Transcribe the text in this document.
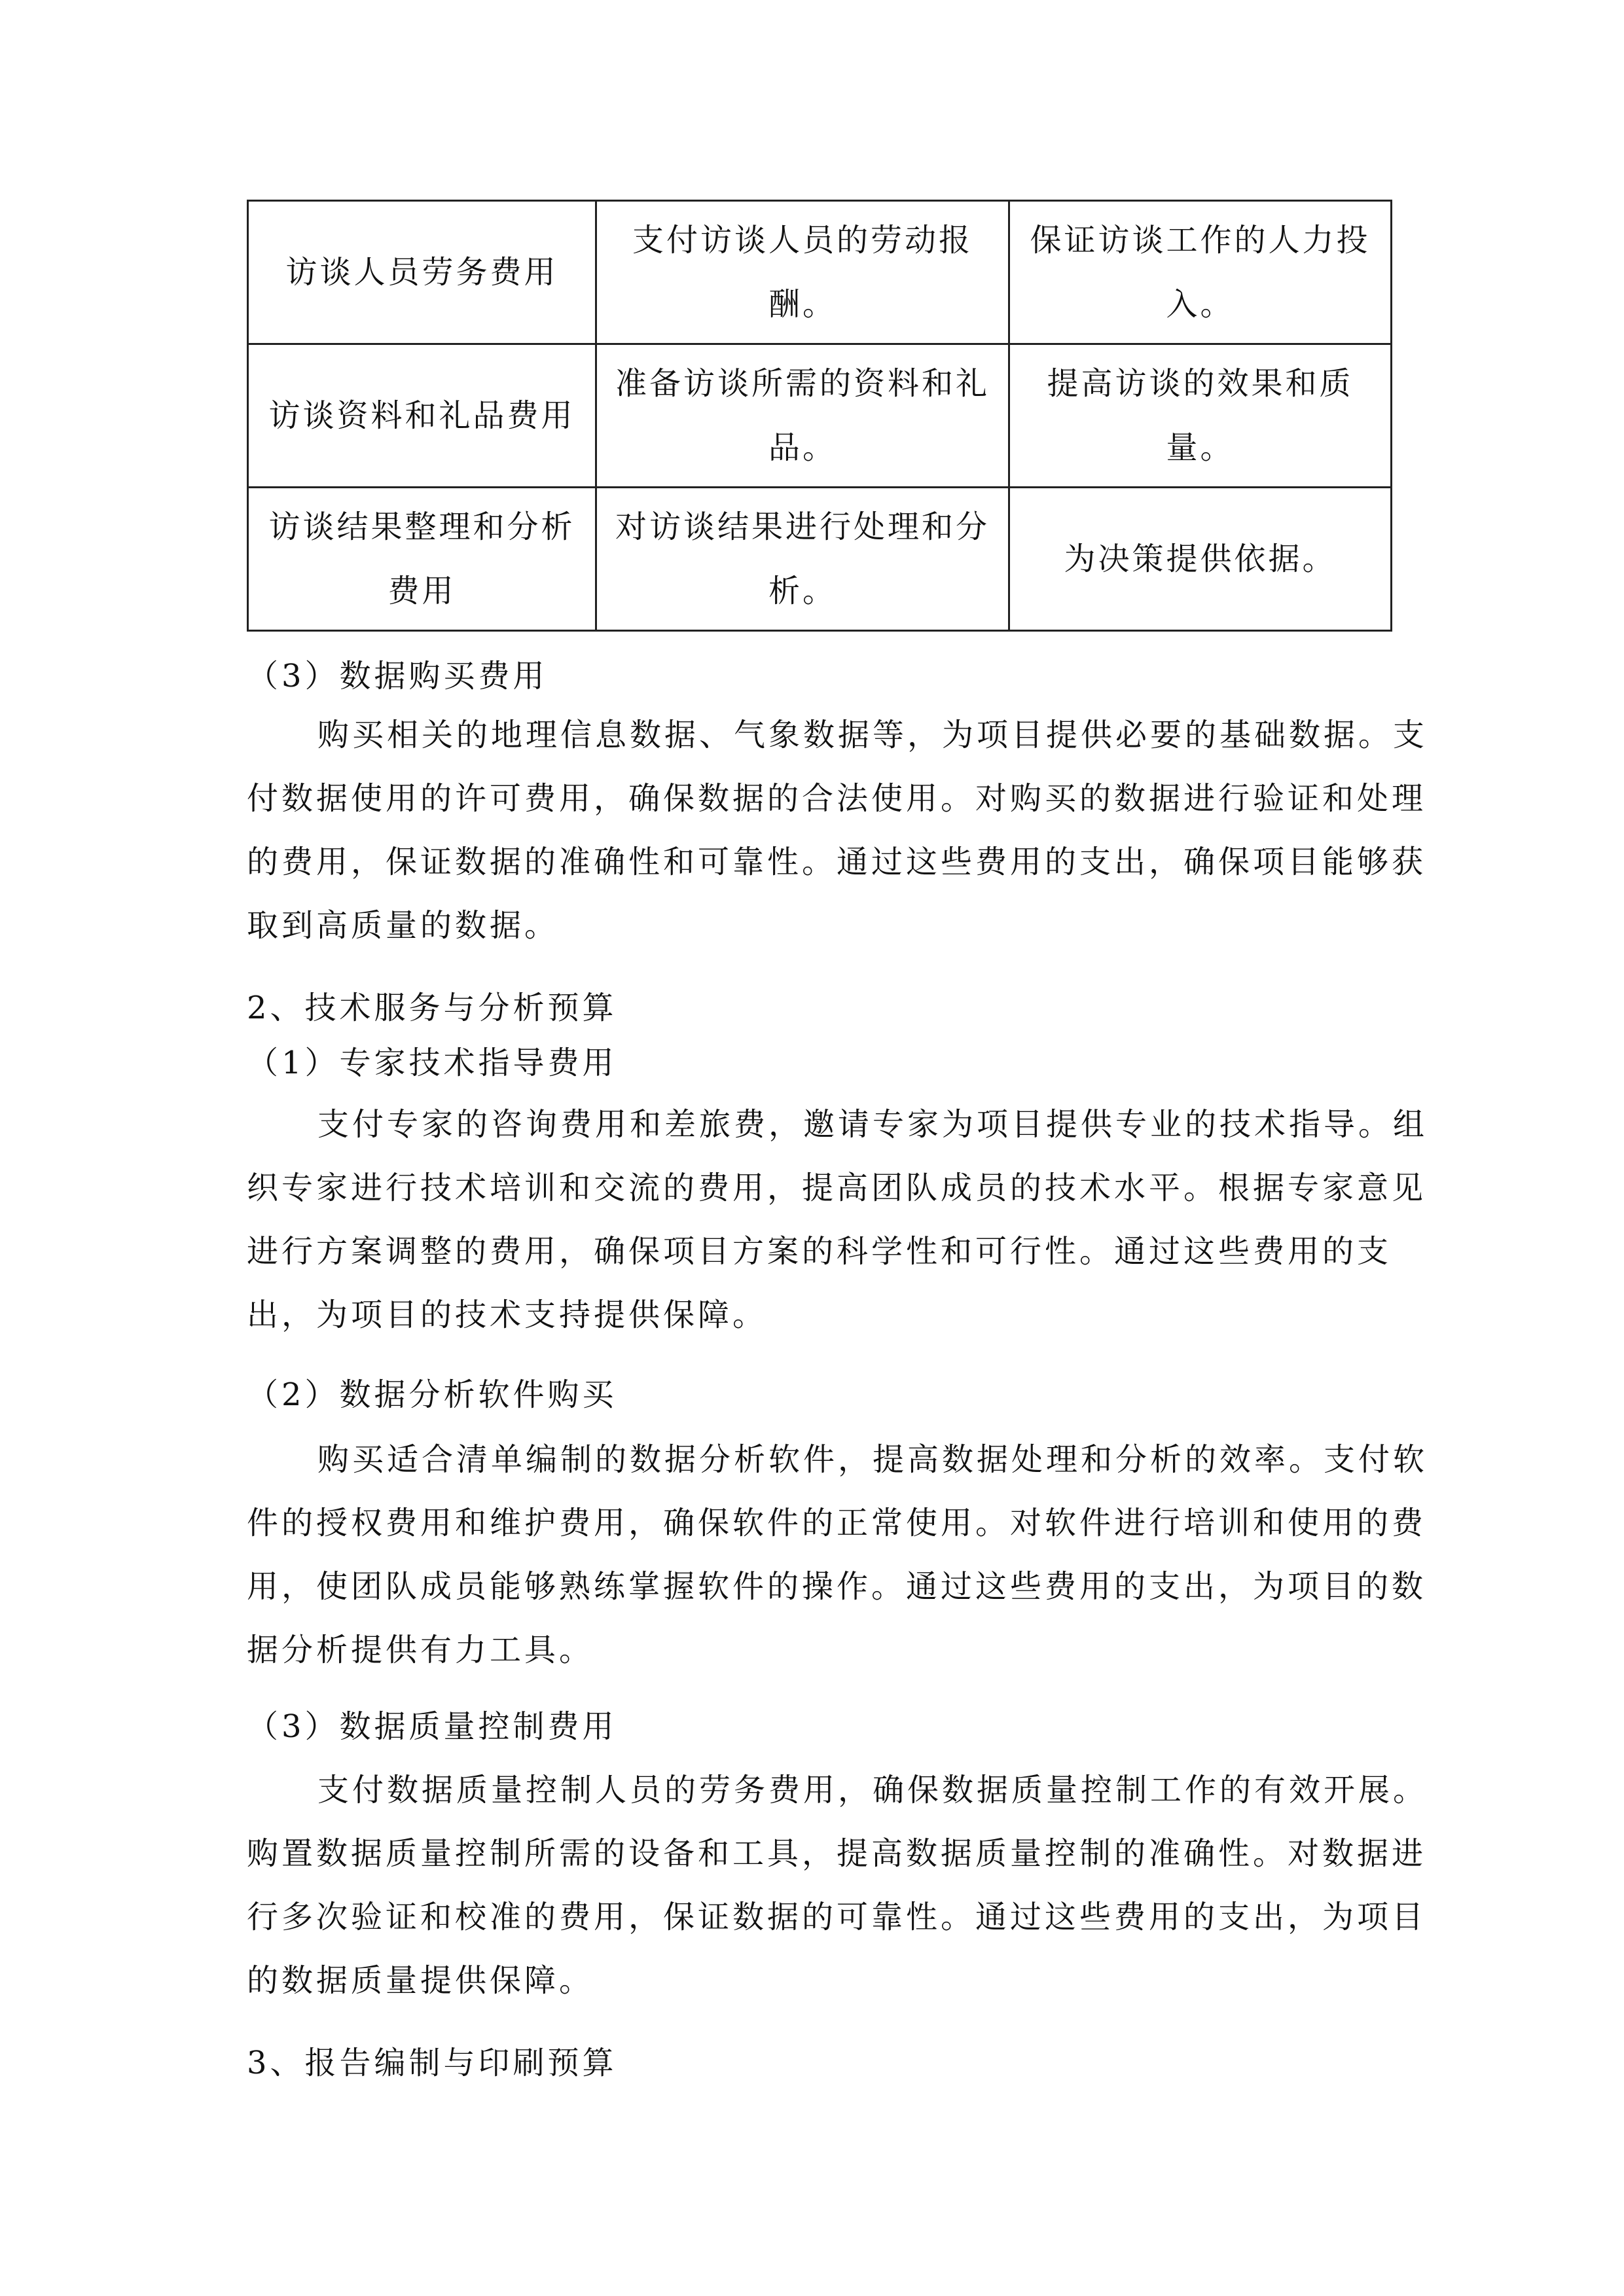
访谈人员劳务费用	支付访谈人员的劳动报酬。	保证访谈工作的人力投入。
访谈资料和礼品费用	准备访谈所需的资料和礼品。	提高访谈的效果和质量。
访谈结果整理和分析费用	对访谈结果进行处理和分析。	为决策提供依据。
（3）数据购买费用
购买相关的地理信息数据、气象数据等，为项目提供必要的基础数据。支
付数据使用的许可费用，确保数据的合法使用。对购买的数据进行验证和处理
的费用，保证数据的准确性和可靠性。通过这些费用的支出，确保项目能够获
取到高质量的数据。
2、技术服务与分析预算
（1）专家技术指导费用
支付专家的咨询费用和差旅费，邀请专家为项目提供专业的技术指导。组
织专家进行技术培训和交流的费用，提高团队成员的技术水平。根据专家意见
进行方案调整的费用，确保项目方案的科学性和可行性。通过这些费用的支
出，为项目的技术支持提供保障。
（2）数据分析软件购买
购买适合清单编制的数据分析软件，提高数据处理和分析的效率。支付软
件的授权费用和维护费用，确保软件的正常使用。对软件进行培训和使用的费
用，使团队成员能够熟练掌握软件的操作。通过这些费用的支出，为项目的数
据分析提供有力工具。
（3）数据质量控制费用
支付数据质量控制人员的劳务费用，确保数据质量控制工作的有效开展。
购置数据质量控制所需的设备和工具，提高数据质量控制的准确性。对数据进
行多次验证和校准的费用，保证数据的可靠性。通过这些费用的支出，为项目
的数据质量提供保障。
3、报告编制与印刷预算
